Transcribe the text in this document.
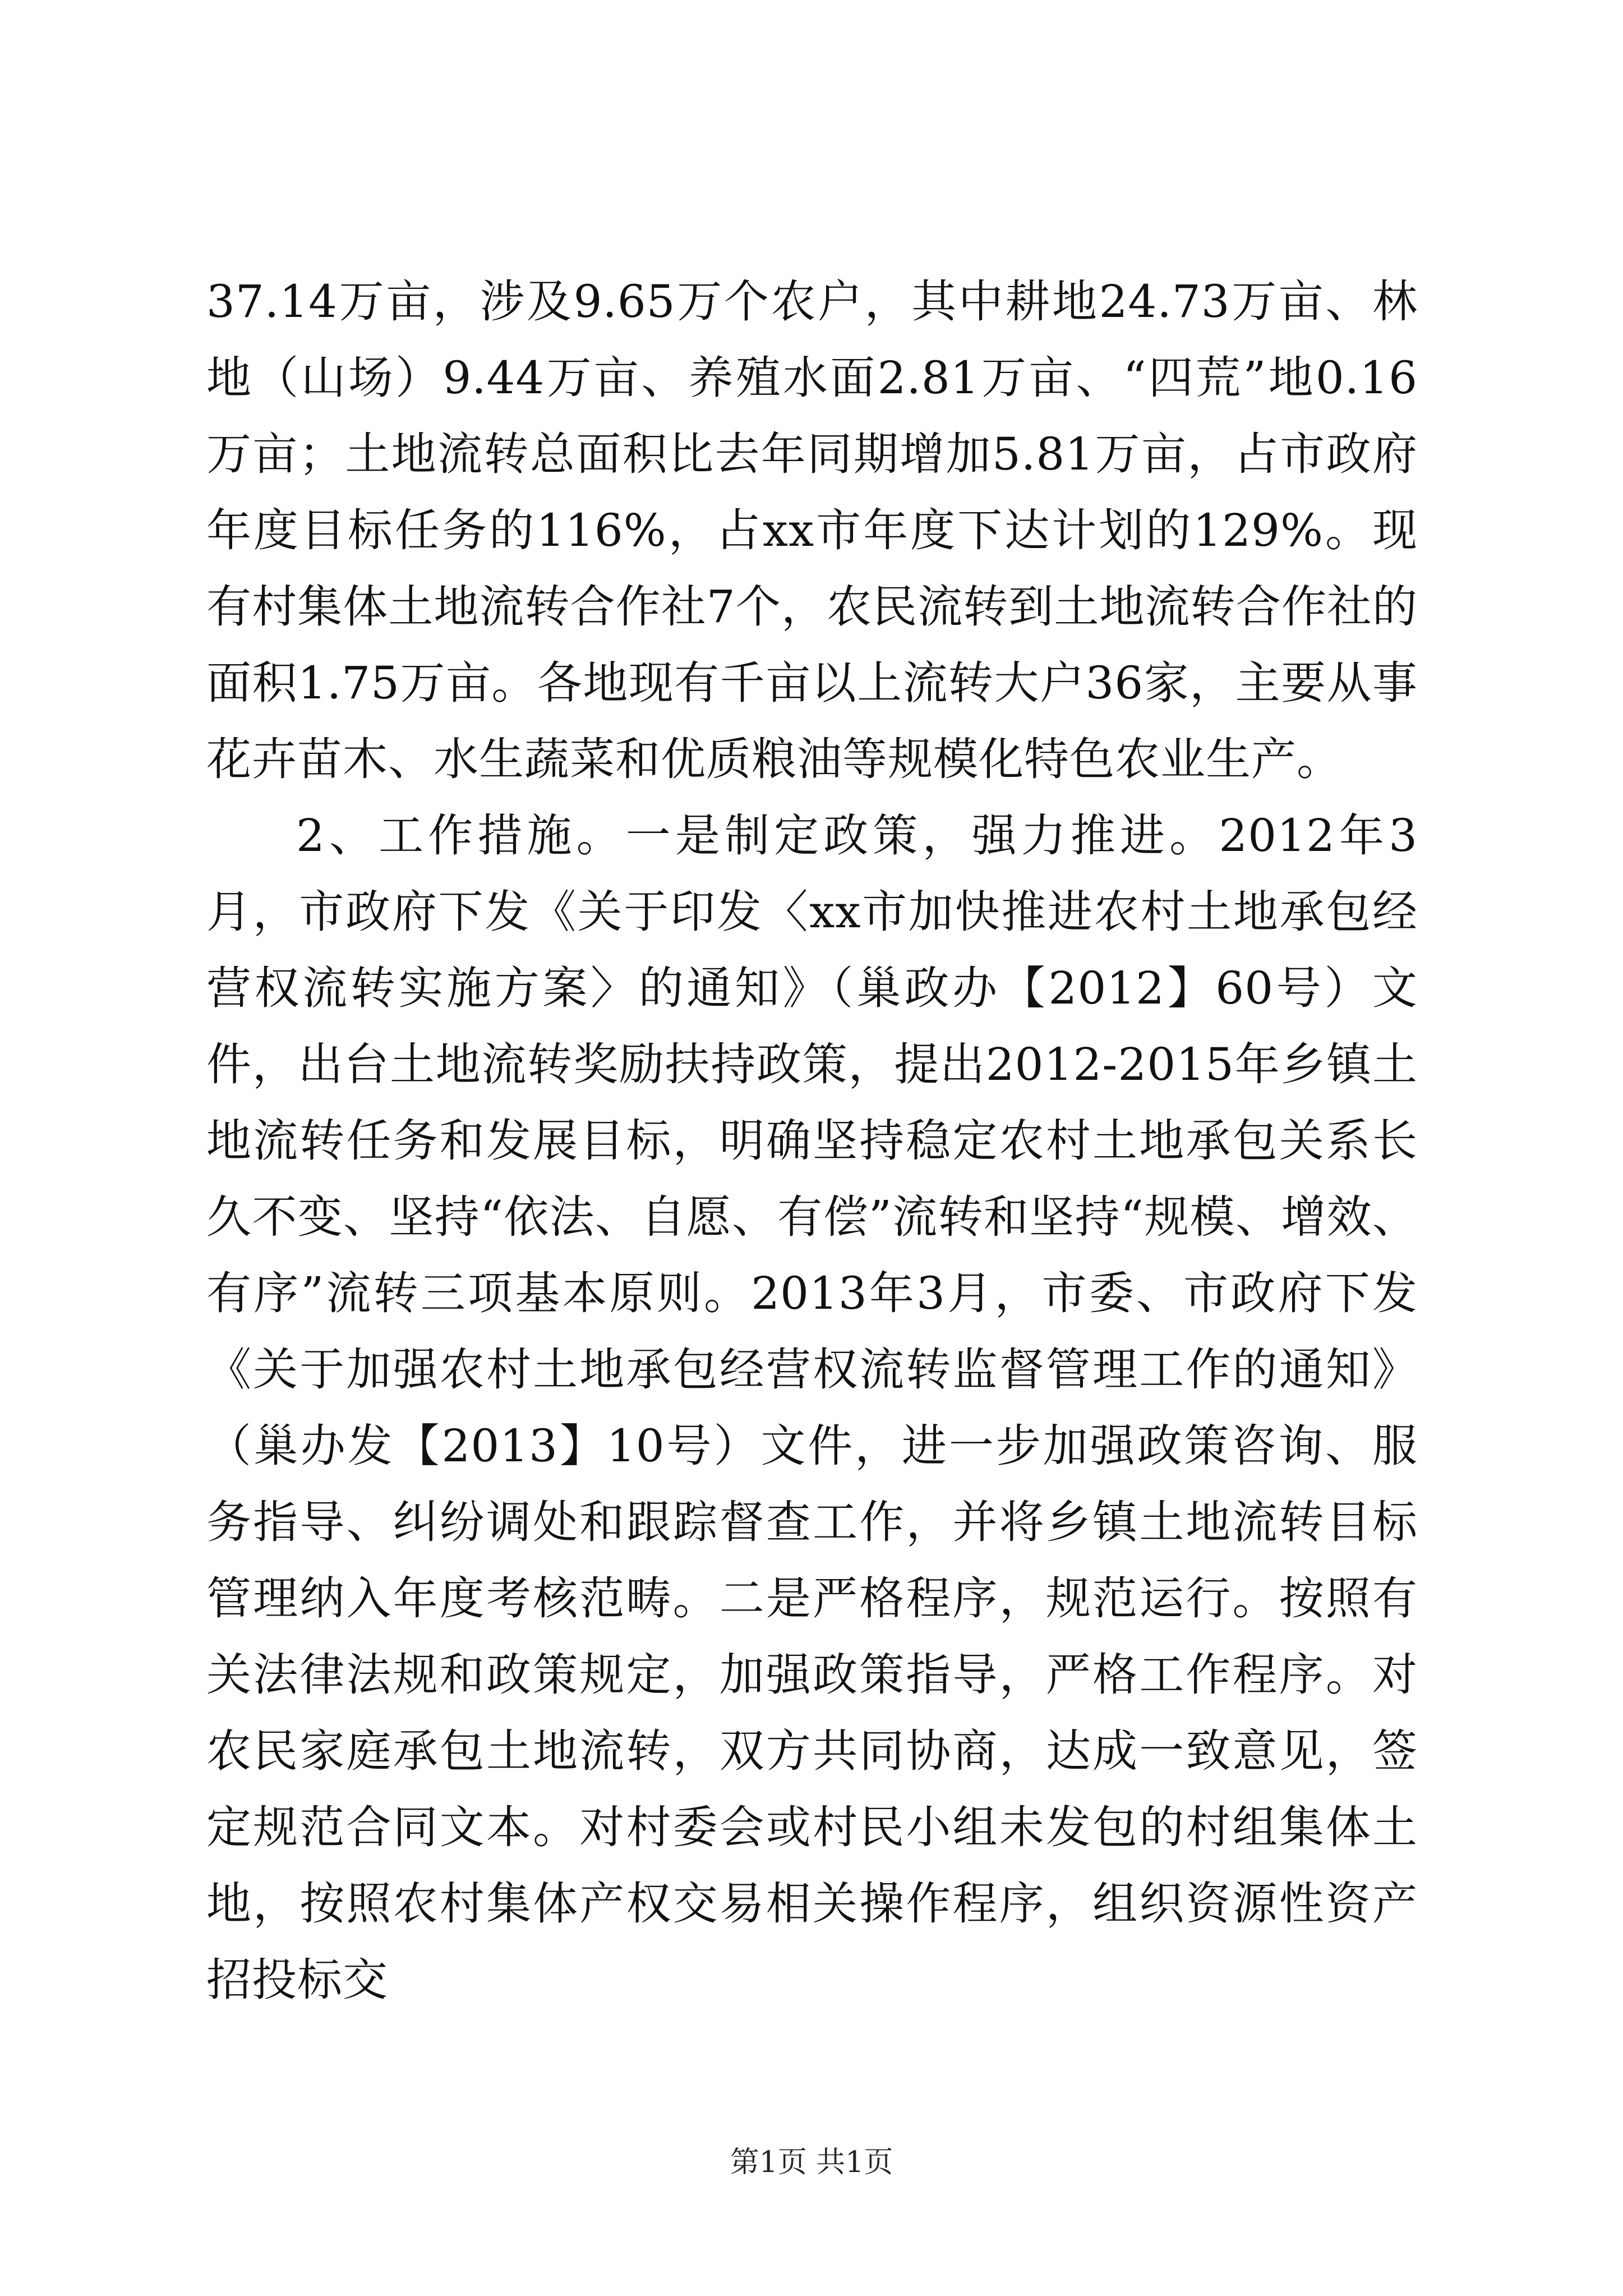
37.14万亩，涉及9.65万个农户，其中耕地24.73万亩、林地（山场）9.44万亩、养殖水面2.81万亩、“四荒”地0.16万亩；土地流转总面积比去年同期增加5.81万亩，占市政府年度目标任务的116%，占xx市年度下达计划的129%。现有村集体土地流转合作社7个，农民流转到土地流转合作社的面积1.75万亩。各地现有千亩以上流转大户36家，主要从事花卉苗木、水生蔬菜和优质粮油等规模化特色农业生产。

2、工作措施。一是制定政策，强力推进。2012年3月，市政府下发《关于印发〈xx市加快推进农村土地承包经营权流转实施方案〉的通知》（巢政办【2012】60号）文件，出台土地流转奖励扶持政策，提出2012-2015年乡镇土地流转任务和发展目标，明确坚持稳定农村土地承包关系长久不变、坚持“依法、自愿、有偿”流转和坚持“规模、增效、有序”流转三项基本原则。2013年3月，市委、市政府下发《关于加强农村土地承包经营权流转监督管理工作的通知》（巢办发【2013】10号）文件，进一步加强政策咨询、服务指导、纠纷调处和跟踪督查工作，并将乡镇土地流转目标管理纳入年度考核范畴。二是严格程序，规范运行。按照有关法律法规和政策规定，加强政策指导，严格工作程序。对农民家庭承包土地流转，双方共同协商，达成一致意见，签定规范合同文本。对村委会或村民小组未发包的村组集体土地，按照农村集体产权交易相关操作程序，组织资源性资产招投标交

第1页 共1页
